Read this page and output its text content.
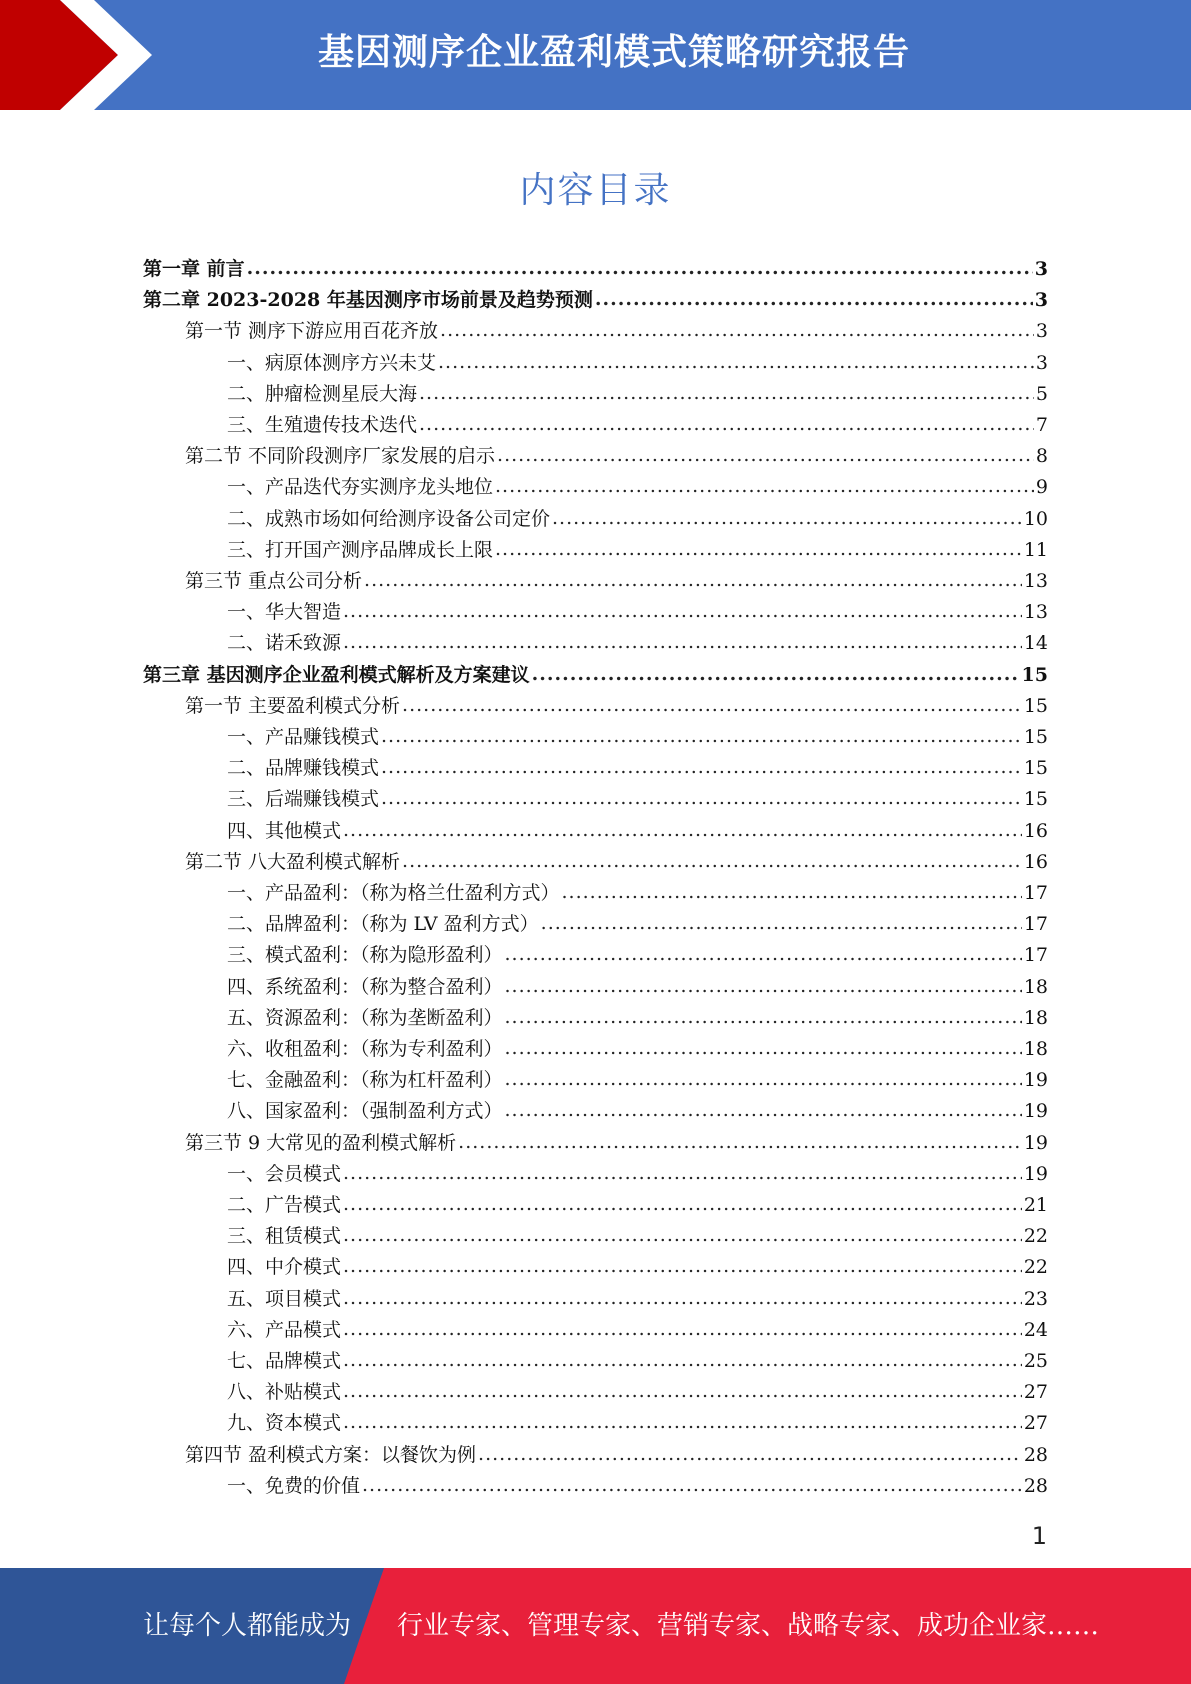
基因测序企业盈利模式策略研究报告
内容目录
第一章 前言 .....	3
第二章 2023-2028 年基因测序市场前景及趋势预测 .....	3
第一节 测序下游应用百花齐放 .....	3
一、病原体测序方兴未艾 .....	3
二、肿瘤检测星辰大海 .....	5
三、生殖遗传技术迭代 .....	7
第二节 不同阶段测序厂家发展的启示 .....	8
一、产品迭代夯实测序龙头地位 .....	9
二、成熟市场如何给测序设备公司定价 .....	10
三、打开国产测序品牌成长上限 .....	11
第三节 重点公司分析 .....	13
一、华大智造 .....	13
二、诺禾致源 .....	14
第三章 基因测序企业盈利模式解析及方案建议 .....	15
第一节 主要盈利模式分析 .....	15
一、产品赚钱模式 .....	15
二、品牌赚钱模式 .....	15
三、后端赚钱模式 .....	15
四、其他模式 .....	16
第二节 八大盈利模式解析 .....	16
一、产品盈利：（称为格兰仕盈利方式） .....	17
二、品牌盈利：（称为 LV 盈利方式） .....	17
三、模式盈利：（称为隐形盈利） .....	17
四、系统盈利：（称为整合盈利） .....	18
五、资源盈利：（称为垄断盈利） .....	18
六、收租盈利：（称为专利盈利） .....	18
七、金融盈利：（称为杠杆盈利） .....	19
八、国家盈利：（强制盈利方式） .....	19
第三节 9 大常见的盈利模式解析 .....	19
一、会员模式 .....	19
二、广告模式 .....	21
三、租赁模式 .....	22
四、中介模式 .....	22
五、项目模式 .....	23
六、产品模式 .....	24
七、品牌模式 .....	25
八、补贴模式 .....	27
九、资本模式 .....	27
第四节 盈利模式方案：以餐饮为例 .....	28
一、免费的价值 .....	28
1
让每个人都能成为 行业专家、管理专家、营销专家、战略专家、成功企业家……
